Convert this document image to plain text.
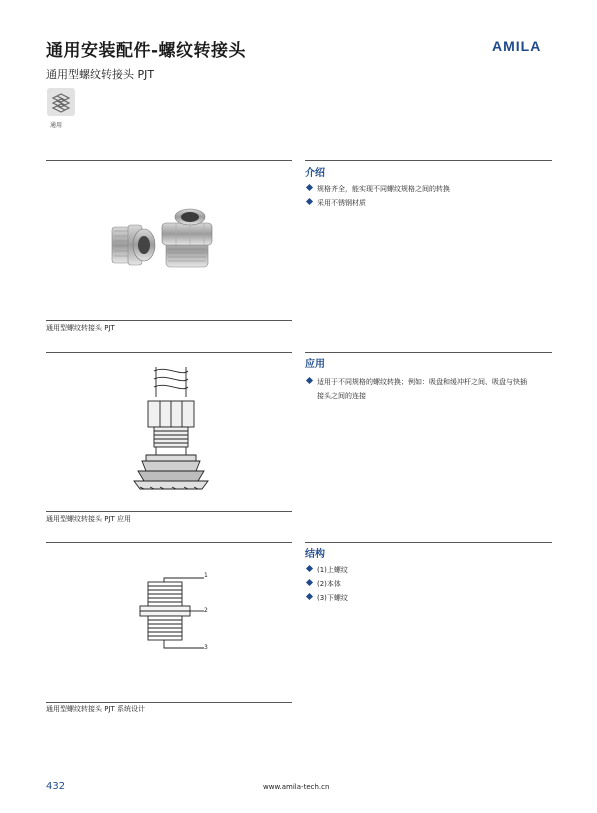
通用安装配件-螺纹转接头
通用型螺纹转接头 PJT
AMILA
通用
通用型螺纹转接头 PJT
通用型螺纹转接头 PJT 应用
1
2
3
通用型螺纹转接头 PJT 系统设计
介绍
规格齐全，能实现不同螺纹规格之间的转换
采用不锈钢材质
应用
适用于不同规格的螺纹转换；例如：吸盘和缓冲杆之间、吸盘与快插
接头之间的连接
结构
(1)上螺纹
(2)本体
(3)下螺纹
432	www.amila-tech.cn
